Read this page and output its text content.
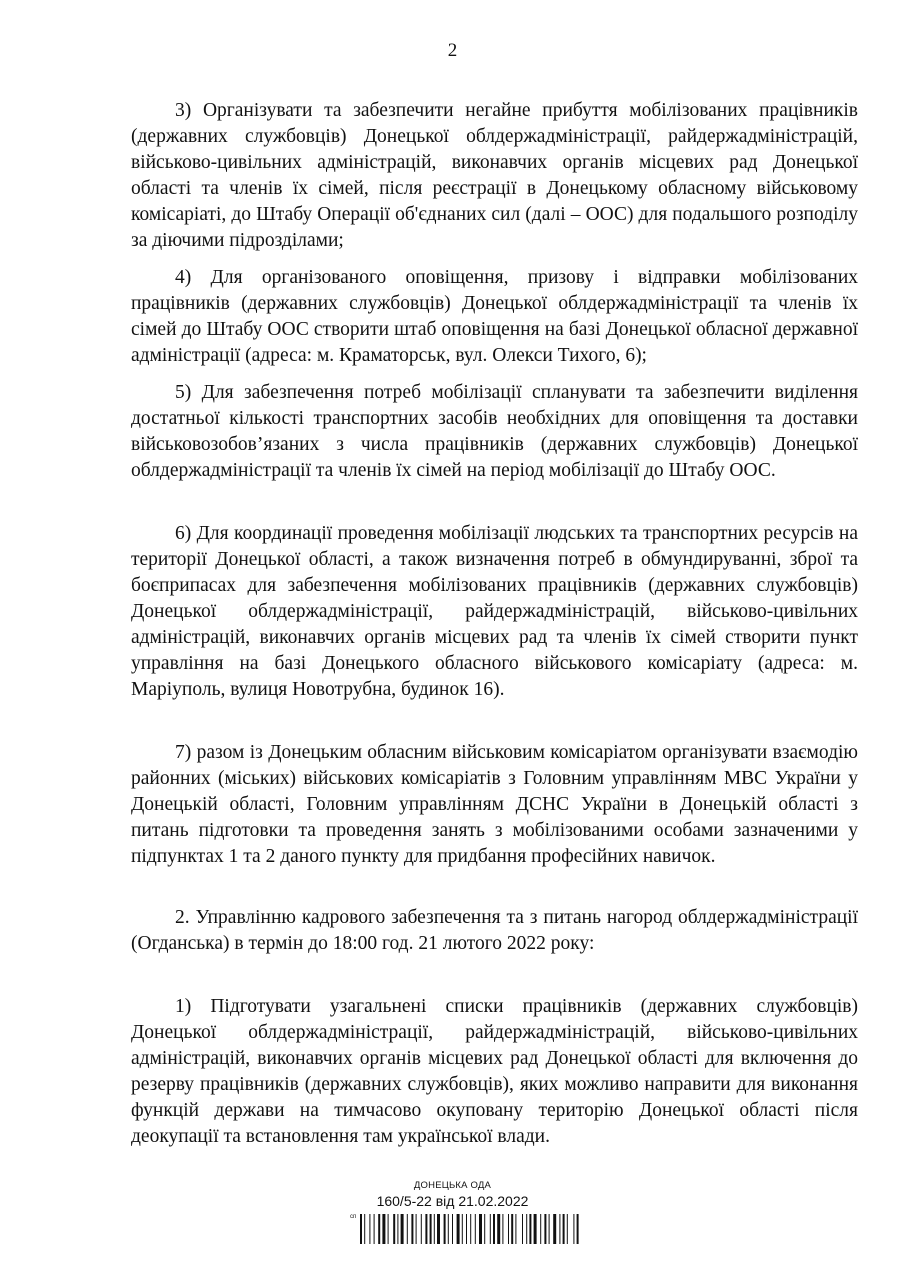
2

3) Організувати та забезпечити негайне прибуття мобілізованих працівників (державних службовців) Донецької облдержадміністрації, райдержадміністрацій, військово-цивільних адміністрацій, виконавчих органів місцевих рад Донецької області та членів їх сімей, після реєстрації в Донецькому обласному військовому комісаріаті, до Штабу Операції об'єднаних сил (далі – ООС) для подальшого розподілу за діючими підрозділами;

4) Для організованого оповіщення, призову і відправки мобілізованих працівників (державних службовців) Донецької облдержадміністрації та членів їх сімей до Штабу ООС створити штаб оповіщення на базі Донецької обласної державної адміністрації (адреса: м. Краматорськ, вул. Олекси Тихого, 6);

5) Для забезпечення потреб мобілізації спланувати та забезпечити виділення достатньої кількості транспортних засобів необхідних для оповіщення та доставки військовозобов’язаних з числа працівників (державних службовців) Донецької облдержадміністрації та членів їх сімей на період мобілізації до Штабу ООС.

6) Для координації проведення мобілізації людських та транспортних ресурсів на території Донецької області, а також визначення потреб в обмундируванні, зброї та боєприпасах для забезпечення мобілізованих працівників (державних службовців) Донецької облдержадміністрації, райдержадміністрацій, військово-цивільних адміністрацій, виконавчих органів місцевих рад та членів їх сімей створити пункт управління на базі Донецького обласного військового комісаріату (адреса: м. Маріуполь, вулиця Новотрубна, будинок 16).

7) разом із Донецьким обласним військовим комісаріатом організувати взаємодію районних (міських) військових комісаріатів з Головним управлінням МВС України у Донецькій області, Головним управлінням ДСНС України в Донецькій області з питань підготовки та проведення занять з мобілізованими особами зазначеними у підпунктах 1 та 2 даного пункту для придбання професійних навичок.

2. Управлінню кадрового забезпечення та з питань нагород облдержадміністрації (Огданська) в термін до 18:00 год. 21 лютого 2022 року:

1) Підготувати узагальнені списки працівників (державних службовців) Донецької облдержадміністрації, райдержадміністрацій, військово-цивільних адміністрацій, виконавчих органів місцевих рад Донецької області для включення до резерву працівників (державних службовців), яких можливо направити для виконання функцій держави на тимчасово окуповану територію Донецької області після деокупації та встановлення там української влади.

ДОНЕЦЬКА ОДА
160/5-22 від 21.02.2022
сп
